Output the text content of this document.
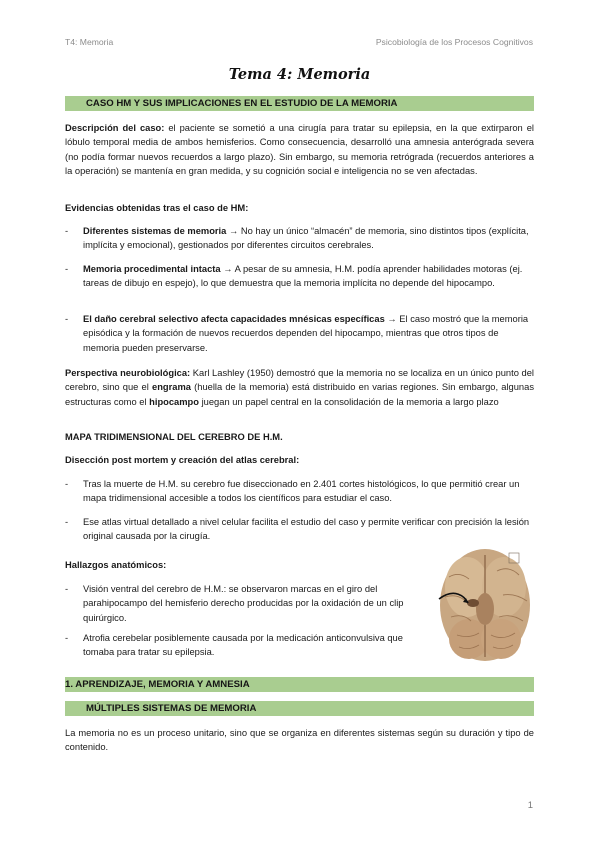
T4: Memoria	Psicobiología de los Procesos Cognitivos
Tema 4: Memoria
CASO HM Y SUS IMPLICACIONES EN EL ESTUDIO DE LA MEMORIA

Descripción del caso: el paciente se sometió a una cirugía para tratar su epilepsia, en la que extirparon el lóbulo temporal media de ambos hemisferios. Como consecuencia, desarrolló una amnesia anterógrada severa (no podía formar nuevos recuerdos a largo plazo). Sin embargo, su memoria retrógrada (recuerdos anteriores a la operación) se mantenía en gran medida, y su cognición social e inteligencia no se ven afectadas.

Evidencias obtenidas tras el caso de HM:
- Diferentes sistemas de memoria → No hay un único “almacén” de memoria, sino distintos tipos (explícita, implícita y emocional), gestionados por diferentes circuitos cerebrales.
- Memoria procedimental intacta → A pesar de su amnesia, H.M. podía aprender habilidades motoras (ej. tareas de dibujo en espejo), lo que demuestra que la memoria implícita no depende del hipocampo.
- El daño cerebral selectivo afecta capacidades mnésicas específicas → El caso mostró que la memoria episódica y la formación de nuevos recuerdos dependen del hipocampo, mientras que otros tipos de memoria pueden preservarse.

Perspectiva neurobiológica: Karl Lashley (1950) demostró que la memoria no se localiza en un único punto del cerebro, sino que el engrama (huella de la memoria) está distribuido en varias regiones. Sin embargo, algunas estructuras como el hipocampo juegan un papel central en la consolidación de la memoria a largo plazo

MAPA TRIDIMENSIONAL DEL CEREBRO DE H.M.
Disección post mortem y creación del atlas cerebral:
- Tras la muerte de H.M. su cerebro fue diseccionado en 2.401 cortes histológicos, lo que permitió crear un mapa tridimensional accesible a todos los científicos para estudiar el caso.
- Ese atlas virtual detallado a nivel celular facilita el estudio del caso y permite verificar con precisión la lesión original causada por la cirugía.
Hallazgos anatómicos:
- Visión ventral del cerebro de H.M.: se observaron marcas en el giro del parahipocampo del hemisferio derecho producidas por la oxidación de un clip quirúrgico.
- Atrofia cerebelar posiblemente causada por la medicación anticonvulsiva que tomaba para tratar su epilepsia.
1. APRENDIZAJE, MEMORIA Y AMNESIA
MÚLTIPLES SISTEMAS DE MEMORIA

La memoria no es un proceso unitario, sino que se organiza en diferentes sistemas según su duración y tipo de contenido.

1
